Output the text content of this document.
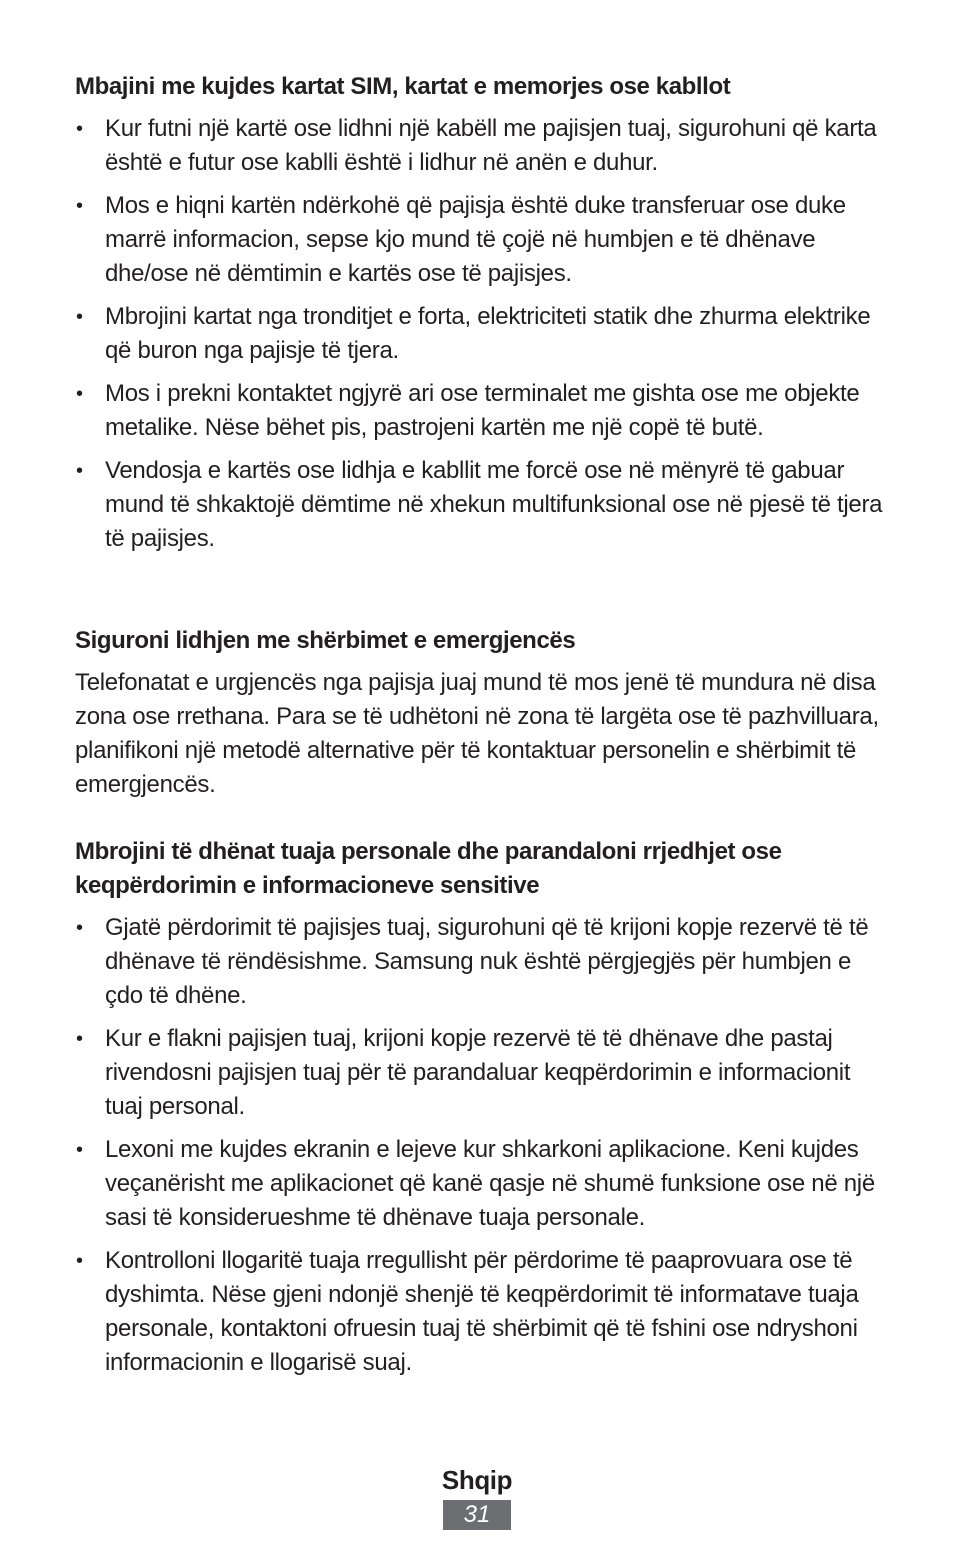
Mbajini me kujdes kartat SIM, kartat e memorjes ose kabllot
• Kur futni një kartë ose lidhni një kabëll me pajisjen tuaj, sigurohuni që karta është e futur ose kablli është i lidhur në anën e duhur.
• Mos e hiqni kartën ndërkohë që pajisja është duke transferuar ose duke marrë informacion, sepse kjo mund të çojë në humbjen e të dhënave dhe/ose në dëmtimin e kartës ose të pajisjes.
• Mbrojini kartat nga tronditjet e forta, elektriciteti statik dhe zhurma elektrike që buron nga pajisje të tjera.
• Mos i prekni kontaktet ngjyrë ari ose terminalet me gishta ose me objekte metalike. Nëse bëhet pis, pastrojeni kartën me një copë të butë.
• Vendosja e kartës ose lidhja e kabllit me forcë ose në mënyrë të gabuar mund të shkaktojë dëmtime në xhekun multifunksional ose në pjesë të tjera të pajisjes.
Siguroni lidhjen me shërbimet e emergjencës

Telefonatat e urgjencës nga pajisja juaj mund të mos jenë të mundura në disa zona ose rrethana. Para se të udhëtoni në zona të largëta ose të pazhvilluara, planifikoni një metodë alternative për të kontaktuar personelin e shërbimit të emergjencës.

Mbrojini të dhënat tuaja personale dhe parandaloni rrjedhjet ose keqpërdorimin e informacioneve sensitive
• Gjatë përdorimit të pajisjes tuaj, sigurohuni që të krijoni kopje rezervë të të dhënave të rëndësishme. Samsung nuk është përgjegjës për humbjen e çdo të dhëne.
• Kur e flakni pajisjen tuaj, krijoni kopje rezervë të të dhënave dhe pastaj rivendosni pajisjen tuaj për të parandaluar keqpërdorimin e informacionit tuaj personal.
• Lexoni me kujdes ekranin e lejeve kur shkarkoni aplikacione. Keni kujdes veçanërisht me aplikacionet që kanë qasje në shumë funksione ose në një sasi të konsiderueshme të dhënave tuaja personale.
• Kontrolloni llogaritë tuaja rregullisht për përdorime të paaprovuara ose të dyshimta. Nëse gjeni ndonjë shenjë të keqpërdorimit të informatave tuaja personale, kontaktoni ofruesin tuaj të shërbimit që të fshini ose ndryshoni informacionin e llogarisë suaj.
Shqip
31
